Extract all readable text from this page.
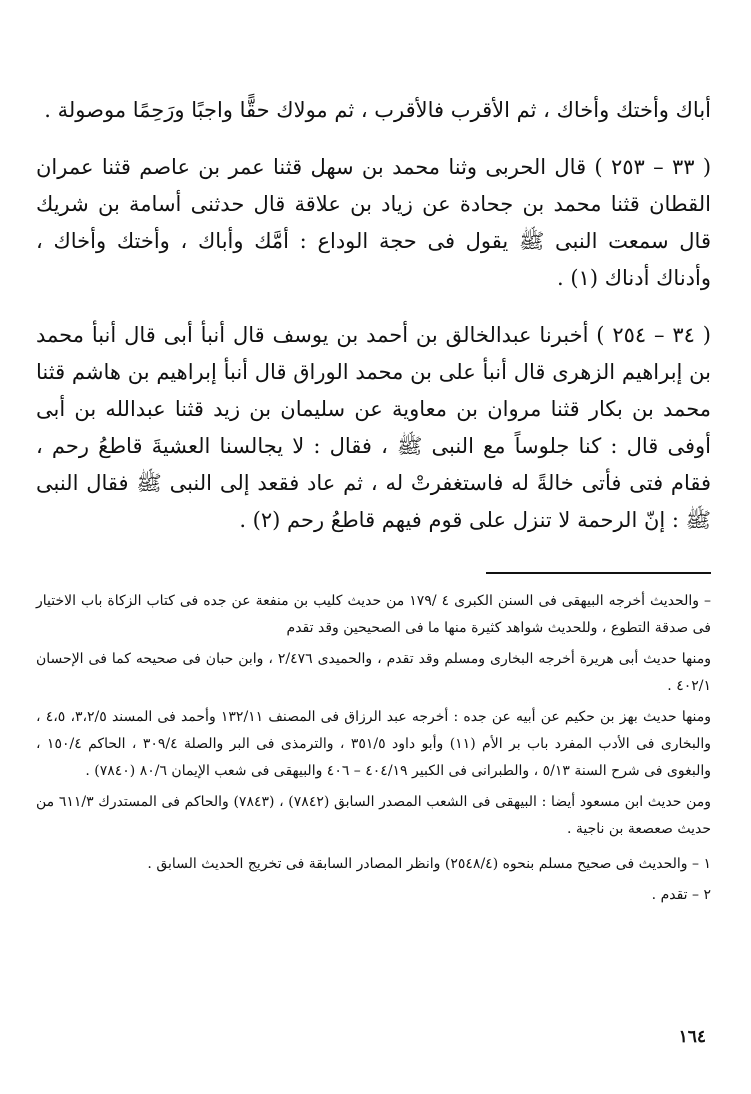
أباك وأختك وأخاك ، ثم الأقرب فالأقرب ، ثم مولاك حقًّا واجبًا ورَحِمًا موصولة .

( ٣٣ – ٢٥٣ ) قال الحربى وثنا محمد بن سهل قثنا عمر بن عاصم قثنا عمران القطان قثنا محمد بن جحادة عن زياد بن علاقة قال حدثنى أسامة بن شريك قال سمعت النبى ﷺ يقول فى حجة الوداع : أمَّك وأباك ، وأختك وأخاك ، وأدناك أدناك (١) .

( ٣٤ – ٢٥٤ ) أخبرنا عبدالخالق بن أحمد بن يوسف قال أنبأ أبى قال أنبأ محمد بن إبراهيم الزهرى قال أنبأ على بن محمد الوراق قال أنبأ إبراهيم بن هاشم قثنا محمد بن بكار قثنا مروان بن معاوية عن سليمان بن زيد قثنا عبدالله بن أبى أوفى قال : كنا جلوساً مع النبى ﷺ ، فقال : لا يجالسنا العشيةَ قاطعُ رحم ، فقام فتى فأتى خالةً له فاستغفرتْ له ، ثم عاد فقعد إلى النبى ﷺ فقال النبى ﷺ : إنّ الرحمة لا تنزل على قوم فيهم قاطعُ رحم (٢) .

– والحديث أخرجه البيهقى فى السنن الكبرى ٤ /١٧٩ من حديث كليب بن منفعة عن جده فى كتاب الزكاة باب الاختيار فى صدقة التطوع ، وللحديث شواهد كثيرة منها ما فى الصحيحين وقد تقدم

ومنها حديث أبى هريرة أخرجه البخارى ومسلم وقد تقدم ، والحميدى ٢/٤٧٦ ، وابن حبان فى صحيحه كما فى الإحسان ٤٠٢/١ .

ومنها حديث بهز بن حكيم عن أبيه عن جده : أخرجه عبد الرزاق فى المصنف ١٣٢/١١ وأحمد فى المسند ٣،٢/٥، ٤،٥ ، والبخارى فى الأدب المفرد باب بر الأم (١١) وأبو داود ٣٥١/٥ ، والترمذى فى البر والصلة ٣٠٩/٤ ، الحاكم ١٥٠/٤ ، والبغوى فى شرح السنة ٥/١٣ ، والطبرانى فى الكبير ٤٠٤/١٩ – ٤٠٦ والبيهقى فى شعب الإيمان ٨٠/٦ (٧٨٤٠) .

ومن حديث ابن مسعود أيضا : البيهقى فى الشعب المصدر السابق (٧٨٤٢) ، (٧٨٤٣) والحاكم فى المستدرك ٦١١/٣ من حديث صعصعة بن ناجية .

١ – والحديث فى صحيح مسلم بنحوه (٢٥٤٨/٤) وانظر المصادر السابقة فى تخريج الحديث السابق .

٢ – تقدم .

١٦٤
